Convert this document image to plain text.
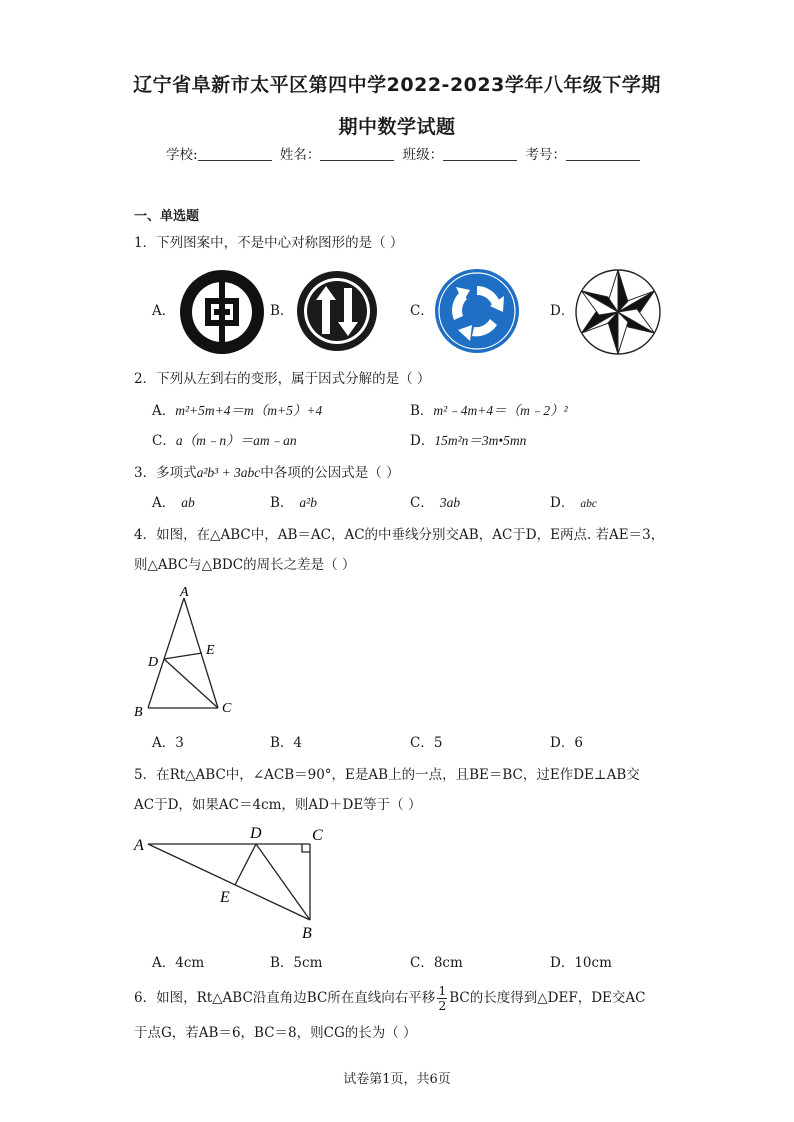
辽宁省阜新市太平区第四中学2022-2023学年八年级下学期
期中数学试题
学校:	姓名：	班级：	考号：
一、单选题
1．下列图案中，不是中心对称图形的是（ ）
A．	B．	C．	D．
2．下列从左到右的变形，属于因式分解的是（ ）
A．m²+5m+4＝m（m+5）+4	B．m²﹣4m+4＝（m﹣2）²
C．a（m﹣n）＝am﹣an	D．15m²n＝3m•5mn
3．多项式a²b³ + 3abc中各项的公因式是（ ）
A． ab	B． a²b	C． 3ab	D． abc
4．如图，在△ABC中，AB＝AC，AC的中垂线分别交AB，AC于D，E两点. 若AE＝3，
则△ABC与△BDC的周长之差是（ ）
A
B	C
D
E
A．3	B．4	C．5	D．6
5．在Rt△ABC中，∠ACB＝90°，E是AB上的一点，且BE＝BC，过E作DE⊥AB交
AC于D，如果AC＝4cm，则AD＋DE等于（ ）
A
D	C
E
B
A．4cm	B．5cm	C．8cm	D．10cm
6．如图，Rt△ABC沿直角边BC所在直线向右平移 $\frac{1}{2}$ BC的长度得到△DEF，DE交AC
于点G，若AB＝6，BC＝8，则CG的长为（ ）
试卷第1页，共6页
